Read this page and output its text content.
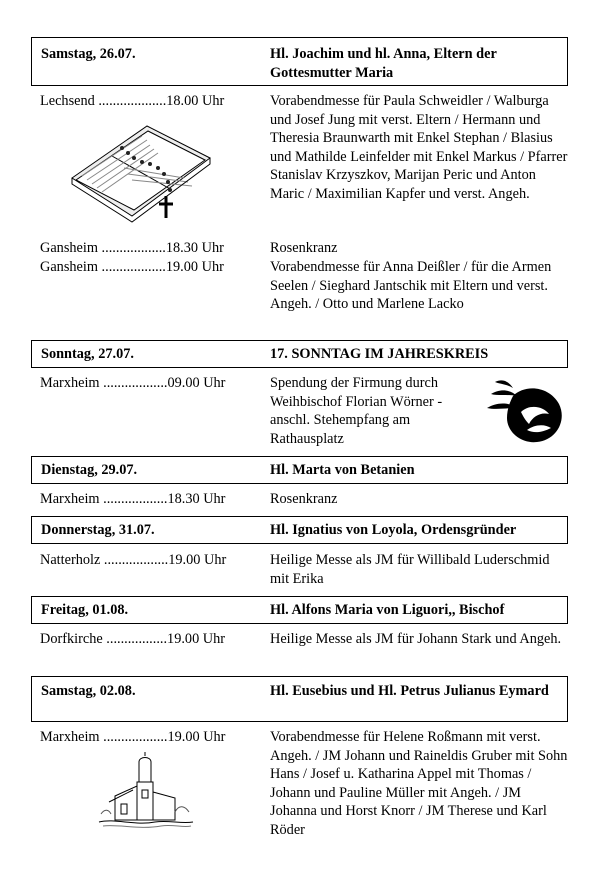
Samstag, 26.07.	Hl. Joachim und hl. Anna, Eltern der Gottesmutter Maria
Lechsend ...................18.00 Uhr	Vorabendmesse für Paula Schweidler / Walburga und Josef Jung mit verst. Eltern / Hermann und Theresia Braunwarth mit Enkel Stephan / Blasius und Mathilde Leinfelder mit Enkel Markus / Pfarrer Stanislav Krzyszkov, Marijan Peric und Anton Maric / Maximilian Kapfer und verst. Angeh.
Gansheim ..................18.30 Uhr	Rosenkranz
Gansheim ..................19.00 Uhr	Vorabendmesse für Anna Deißler / für die Armen Seelen / Sieghard Jantschik mit Eltern und verst. Angeh. / Otto und Marlene Lacko
Sonntag, 27.07.	17. SONNTAG IM JAHRESKREIS
Marxheim ..................09.00 Uhr	Spendung der Firmung durch Weihbischof Florian Wörner - anschl. Stehempfang am Rathausplatz
Dienstag, 29.07.	Hl. Marta von Betanien
Marxheim ..................18.30 Uhr	Rosenkranz
Donnerstag, 31.07.	Hl. Ignatius von Loyola, Ordensgründer
Natterholz ..................19.00 Uhr	Heilige Messe als JM für Willibald Luderschmid mit Erika
Freitag, 01.08.	Hl. Alfons Maria von Liguori,, Bischof
Dorfkirche .................19.00 Uhr	Heilige Messe als JM für Johann Stark und Angeh.
Samstag, 02.08.	Hl. Eusebius und Hl. Petrus Julianus Eymard
Marxheim ..................19.00 Uhr	Vorabendmesse für Helene Roßmann mit verst. Angeh. / JM Johann und Raineldis Gruber mit Sohn Hans / Josef u. Katharina Appel mit Thomas / Johann und Pauline Müller mit Angeh. / JM Johanna und Horst Knorr / JM Therese und Karl Röder
